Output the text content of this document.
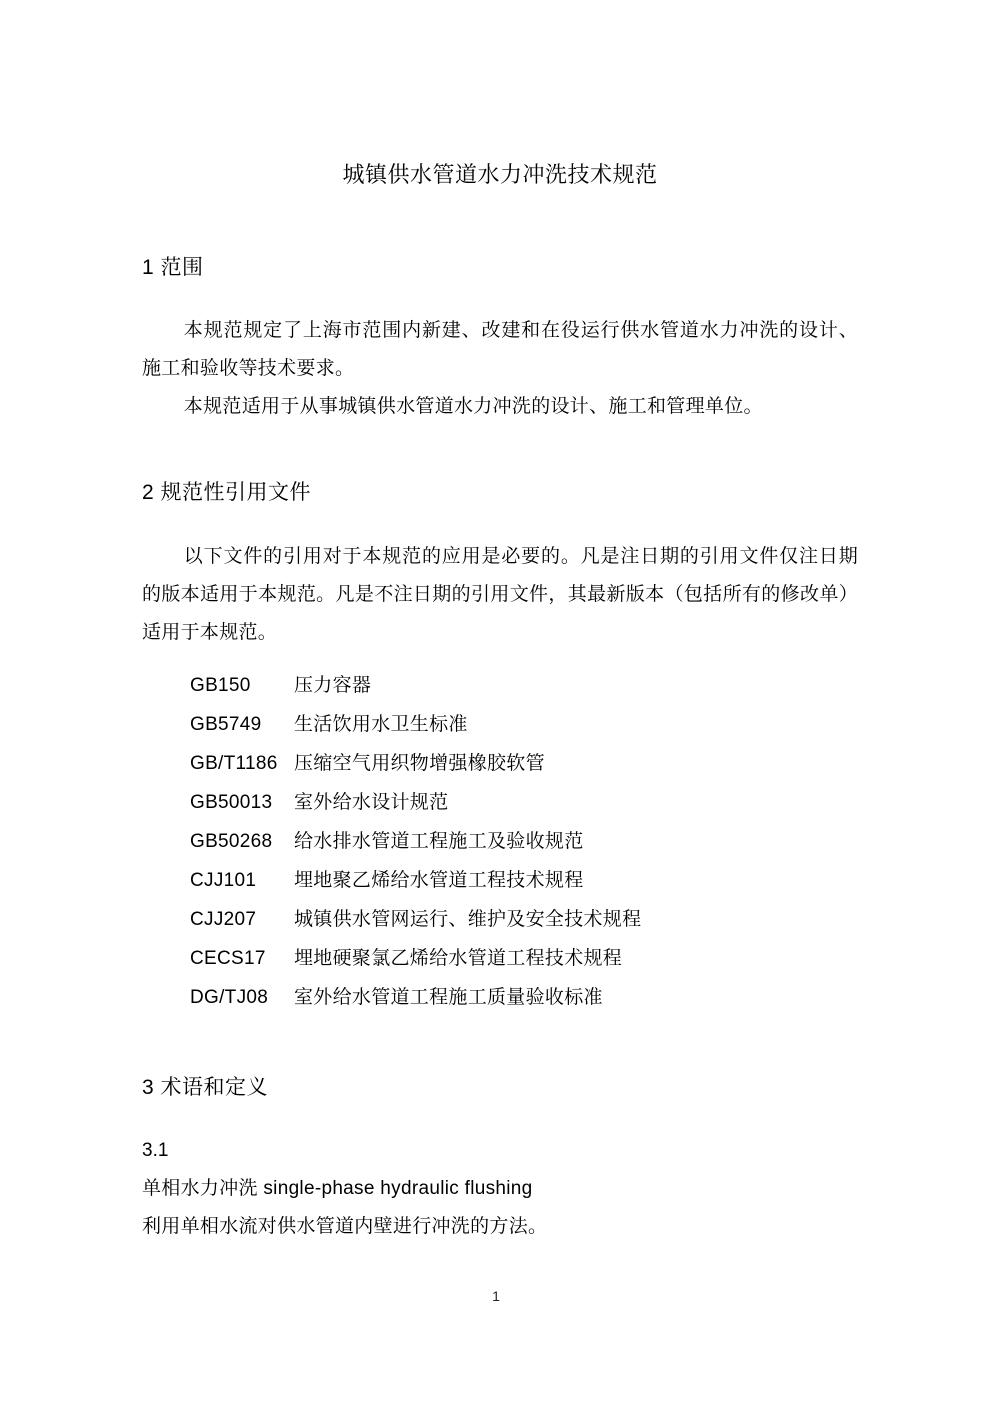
城镇供水管道水力冲洗技术规范
1 范围
本规范规定了上海市范围内新建、改建和在役运行供水管道水力冲洗的设计、施工和验收等技术要求。
本规范适用于从事城镇供水管道水力冲洗的设计、施工和管理单位。
2 规范性引用文件
以下文件的引用对于本规范的应用是必要的。凡是注日期的引用文件仅注日期的版本适用于本规范。凡是不注日期的引用文件，其最新版本（包括所有的修改单）适用于本规范。
GB150	压力容器
GB5749	生活饮用水卫生标准
GB/T1186 压缩空气用织物增强橡胶软管
GB50013	室外给水设计规范
GB50268	给水排水管道工程施工及验收规范
CJJ101	埋地聚乙烯给水管道工程技术规程
CJJ207	城镇供水管网运行、维护及安全技术规程
CECS17	埋地硬聚氯乙烯给水管道工程技术规程
DG/TJ08	室外给水管道工程施工质量验收标准
3 术语和定义
3.1
单相水力冲洗 single-phase hydraulic flushing
利用单相水流对供水管道内壁进行冲洗的方法。
1
